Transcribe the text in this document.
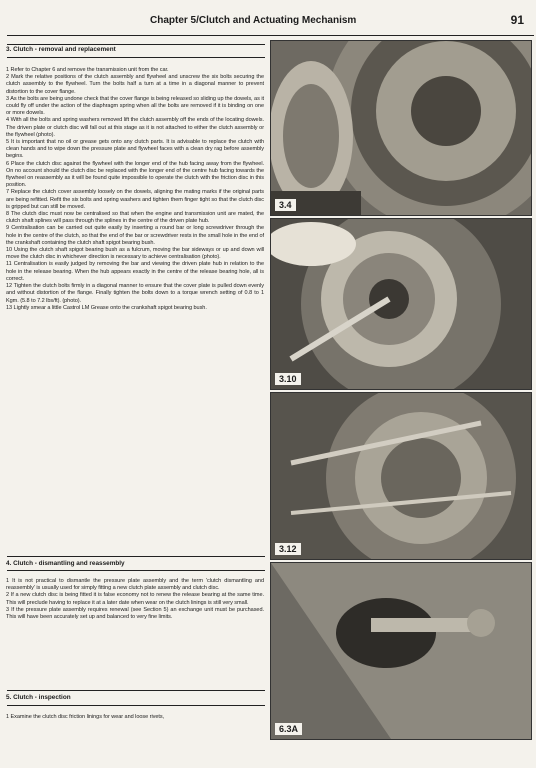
Chapter 5/Clutch and Actuating Mechanism	91
3. Clutch - removal and replacement

1 Refer to Chapter 6 and remove the transmission unit from the car.

2 Mark the relative positions of the clutch assembly and flywheel and unscrew the six bolts securing the clutch assembly to the flywheel. Turn the bolts half a turn at a time in a diagonal manner to prevent distortion to the cover flange.

3 As the bolts are being undone check that the cover flange is being released so sliding up the dowels, as it could fly off under the action of the diaphragm spring when all the bolts are removed if it is binding on one or more dowels.

4 With all the bolts and spring washers removed lift the clutch assembly off the ends of the locating dowels. The driven plate or clutch disc will fall out at this stage as it is not attached to either the clutch assembly or the flywheel (photo).

5 It is important that no oil or grease gets onto any clutch parts. It is advisable to replace the clutch with clean hands and to wipe down the pressure plate and flywheel faces with a clean dry rag before assembly begins.

6 Place the clutch disc against the flywheel with the longer end of the hub facing away from the flywheel. On no account should the clutch disc be replaced with the longer end of the centre hub facing towards the flywheel on reassembly as it will be found quite impossible to operate the clutch with the friction disc in this position.

7 Replace the clutch cover assembly loosely on the dowels, aligning the mating marks if the original parts are being refitted. Refit the six bolts and spring washers and tighten them finger tight so that the clutch disc is gripped but can still be moved.

8 The clutch disc must now be centralised so that when the engine and transmission unit are mated, the clutch shaft splines will pass through the splines in the centre of the driven plate hub.

9 Centralisation can be carried out quite easily by inserting a round bar or long screwdriver through the hole in the centre of the clutch, so that the end of the bar or screwdriver rests in the small hole in the end of the crankshaft containing the clutch shaft spigot bearing bush.

10 Using the clutch shaft spigot bearing bush as a fulcrum, moving the bar sideways or up and down will move the clutch disc in whichever direction is necessary to achieve centralisation (photo).

11 Centralisation is easily judged by removing the bar and viewing the driven plate hub in relation to the hole in the release bearing. When the hub appears exactly in the centre of the release bearing hole, all is correct.

12 Tighten the clutch bolts firmly in a diagonal manner to ensure that the cover plate is pulled down evenly and without distortion of the flange. Finally tighten the bolts down to a torque wrench setting of 0.8 to 1 Kgm. (5.8 to 7.2 lbs/ft). (photo).

13 Lightly smear a little Castrol LM Grease onto the crankshaft spigot bearing bush.

4. Clutch - dismantling and reassembly

1 It is not practical to dismantle the pressure plate assembly and the term 'clutch dismantling and reassembly' is usually used for simply fitting a new clutch plate assembly and clutch disc.

2 If a new clutch disc is being fitted it is false economy not to renew the release bearing at the same time. This will preclude having to replace it at a later date when wear on the clutch linings is still very small.

3 If the pressure plate assembly requires renewal (see Section 5) an exchange unit must be purchased. This will have been accurately set up and balanced to very fine limits.

5. Clutch - inspection

1 Examine the clutch disc friction linings for wear and loose rivets,

3.4
3.10
3.12
6.3A
